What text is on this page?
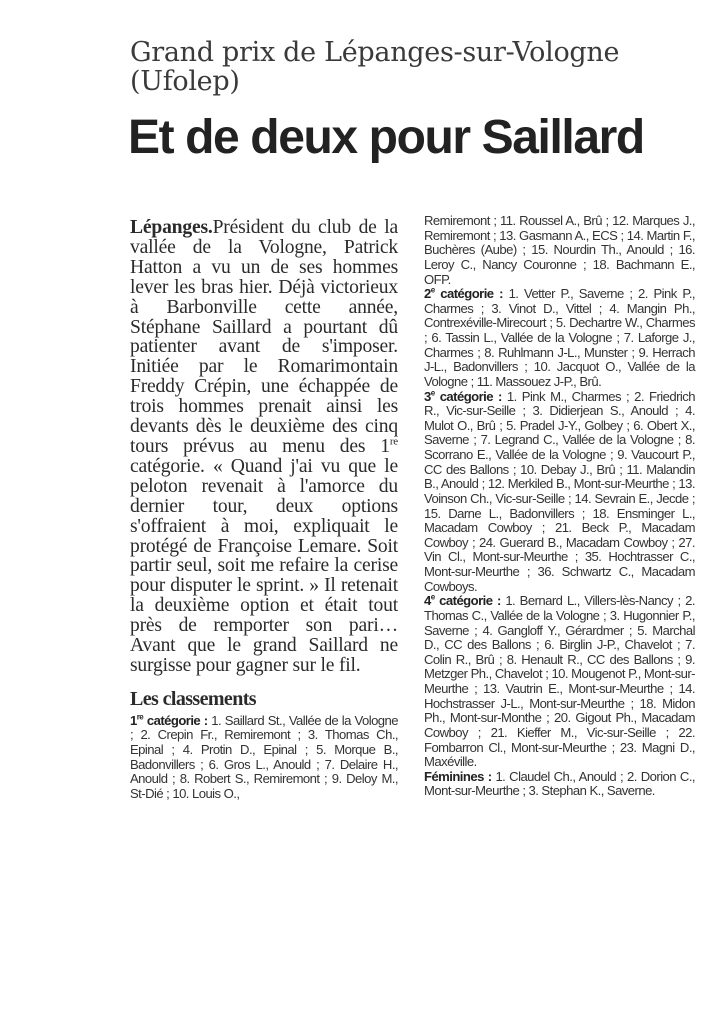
Grand prix de Lépanges-sur-Vologne (Ufolep)
Et de deux pour Saillard

Lépanges.Président du club de la vallée de la Vologne, Patrick Hatton a vu un de ses hommes lever les bras hier. Déjà victorieux à Barbonville cette année, Stéphane Saillard a pourtant dû patienter avant de s'imposer. Initiée par le Romarimontain Freddy Crépin, une échappée de trois hommes prenait ainsi les devants dès le deuxième des cinq tours prévus au menu des 1re catégorie. « Quand j'ai vu que le peloton revenait à l'amorce du dernier tour, deux options s'offraient à moi, expliquait le protégé de Françoise Lemare. Soit partir seul, soit me refaire la cerise pour disputer le sprint. » Il retenait la deuxième option et était tout près de remporter son pari… Avant que le grand Saillard ne surgisse pour gagner sur le fil.

Les classements
1re catégorie : 1. Saillard St., Vallée de la Vologne ; 2. Crepin Fr., Remiremont ; 3. Thomas Ch., Epinal ; 4. Protin D., Epinal ; 5. Morque B., Badonvillers ; 6. Gros L., Anould ; 7. Delaire H., Anould ; 8. Robert S., Remiremont ; 9. Deloy M., St-Dié ; 10. Louis O.,
Remiremont ; 11. Roussel A., Brû ; 12. Marques J., Remiremont ; 13. Gasmann A., ECS ; 14. Martin F., Buchères (Aube) ; 15. Nourdin Th., Anould ; 16. Leroy C., Nancy Couronne ; 18. Bachmann E., OFP.
2e catégorie : 1. Vetter P., Saverne ; 2. Pink P., Charmes ; 3. Vinot D., Vittel ; 4. Mangin Ph., Contrexéville-Mirecourt ; 5. Dechartre W., Charmes ; 6. Tassin L., Vallée de la Vologne ; 7. Laforge J., Charmes ; 8. Ruhlmann J-L., Munster ; 9. Herrach J-L., Badonvillers ; 10. Jacquot O., Vallée de la Vologne ; 11. Massouez J-P., Brû.
3e catégorie : 1. Pink M., Charmes ; 2. Friedrich R., Vic-sur-Seille ; 3. Didierjean S., Anould ; 4. Mulot O., Brû ; 5. Pradel J-Y., Golbey ; 6. Obert X., Saverne ; 7. Legrand C., Vallée de la Vologne ; 8. Scorrano E., Vallée de la Vologne ; 9. Vaucourt P., CC des Ballons ; 10. Debay J., Brû ; 11. Malandin B., Anould ; 12. Merkiled B., Mont-sur-Meurthe ; 13. Voinson Ch., Vic-sur-Seille ; 14. Sevrain E., Jecde ; 15. Darne L., Badonvillers ; 18. Ensminger L., Macadam Cowboy ; 21. Beck P., Macadam Cowboy ; 24. Guerard B., Macadam Cowboy ; 27. Vin Cl., Mont-sur-Meurthe ; 35. Hochtrasser C., Mont-sur-Meurthe ; 36. Schwartz C., Macadam Cowboys.
4e catégorie : 1. Bernard L., Villers-lès-Nancy ; 2. Thomas C., Vallée de la Vologne ; 3. Hugonnier P., Saverne ; 4. Gangloff Y., Gérardmer ; 5. Marchal D., CC des Ballons ; 6. Birglin J-P., Chavelot ; 7. Colin R., Brû ; 8. Henault R., CC des Ballons ; 9. Metzger Ph., Chavelot ; 10. Mougenot P., Mont-sur-Meurthe ; 13. Vautrin E., Mont-sur-Meurthe ; 14. Hochstrasser J-L., Mont-sur-Meurthe ; 18. Midon Ph., Mont-sur-Monthe ; 20. Gigout Ph., Macadam Cowboy ; 21. Kieffer M., Vic-sur-Seille ; 22. Fombarron Cl., Mont-sur-Meurthe ; 23. Magni D., Maxéville.
Féminines : 1. Claudel Ch., Anould ; 2. Dorion C., Mont-sur-Meurthe ; 3. Stephan K., Saverne.
